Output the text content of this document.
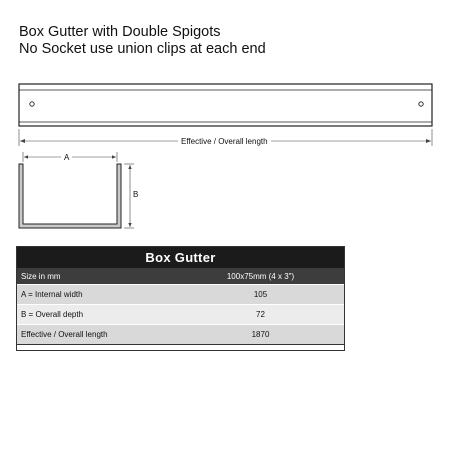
Box Gutter with Double Spigots
No Socket use union clips at each end
Effective / Overall length
A
B
Box Gutter	
Size in mm	100x75mm (4 x 3")
A = Internal width	105
B = Overall depth	72
Effective / Overall length	1870
